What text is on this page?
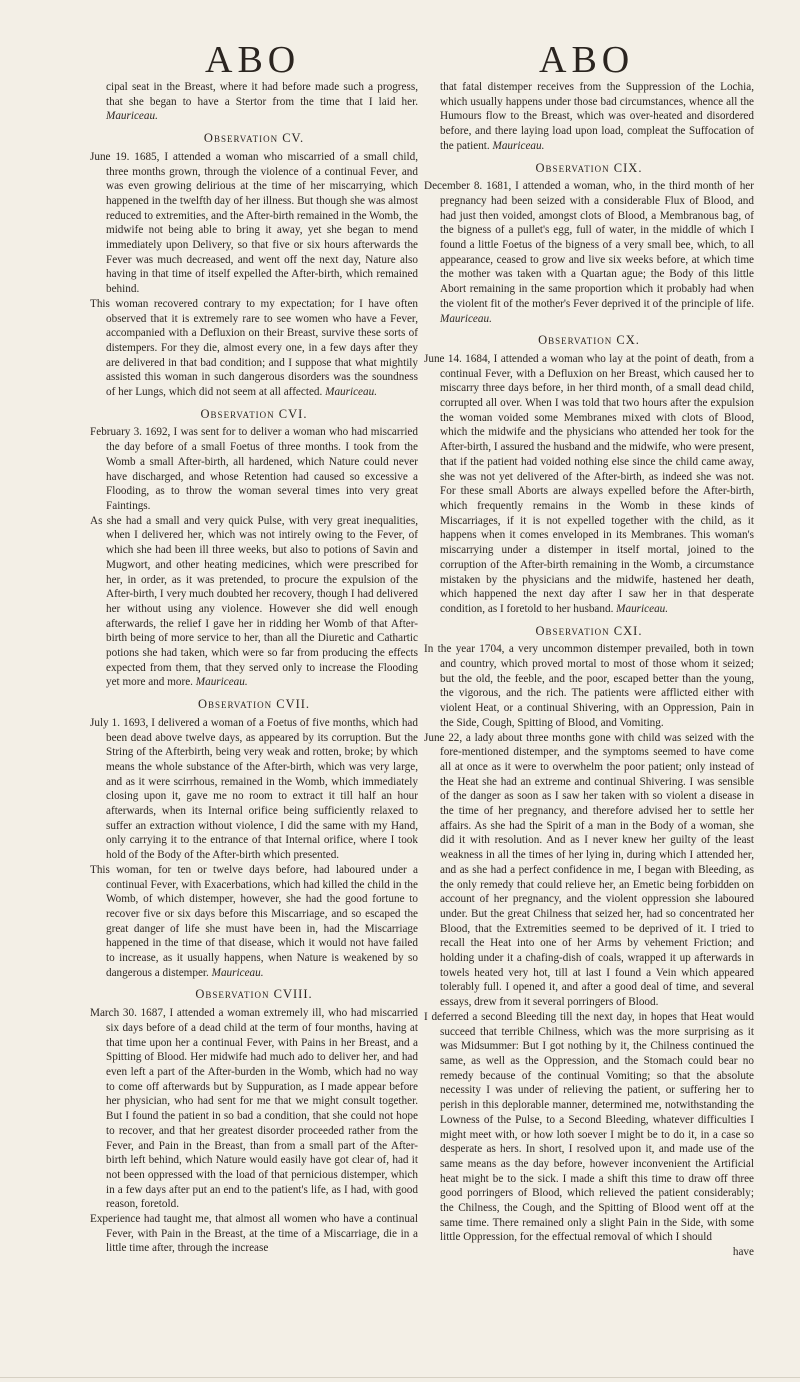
ABO	ABO

cipal seat in the Breast, where it had before made such a progress, that she began to have a Stertor from the time that I laid her. Mauriceau.

Observation CV.

June 19. 1685, I attended a woman who miscarried of a small child, three months grown, through the violence of a continual Fever, and was even growing delirious at the time of her miscarrying, which happened in the twelfth day of her illness. But though she was almost reduced to extremities, and the After-birth remained in the Womb, the midwife not being able to bring it away, yet she began to mend immediately upon Delivery, so that five or six hours afterwards the Fever was much decreased, and went off the next day, Nature also having in that time of itself expelled the After-birth, which remained behind.

This woman recovered contrary to my expectation; for I have often observed that it is extremely rare to see women who have a Fever, accompanied with a Defluxion on their Breast, survive these sorts of distempers. For they die, almost every one, in a few days after they are delivered in that bad condition; and I suppose that what mightily assisted this woman in such dangerous disorders was the soundness of her Lungs, which did not seem at all affected. Mauriceau.

Observation CVI.

February 3. 1692, I was sent for to deliver a woman who had miscarried the day before of a small Foetus of three months. I took from the Womb a small After-birth, all hardened, which Nature could never have discharged, and whose Retention had caused so excessive a Flooding, as to throw the woman several times into very great Faintings.

As she had a small and very quick Pulse, with very great inequalities, when I delivered her, which was not intirely owing to the Fever, of which she had been ill three weeks, but also to potions of Savin and Mugwort, and other heating medicines, which were prescribed for her, in order, as it was pretended, to procure the expulsion of the After-birth, I very much doubted her recovery, though I had delivered her without using any violence. However she did well enough afterwards, the relief I gave her in ridding her Womb of that After-birth being of more service to her, than all the Diuretic and Cathartic potions she had taken, which were so far from producing the effects expected from them, that they served only to increase the Flooding yet more and more. Mauriceau.

Observation CVII.

July 1. 1693, I delivered a woman of a Foetus of five months, which had been dead above twelve days, as appeared by its corruption. But the String of the Afterbirth, being very weak and rotten, broke; by which means the whole substance of the After-birth, which was very large, and as it were scirrhous, remained in the Womb, which immediately closing upon it, gave me no room to extract it till half an hour afterwards, when its Internal orifice being sufficiently relaxed to suffer an extraction without violence, I did the same with my Hand, only carrying it to the entrance of that Internal orifice, where I took hold of the Body of the After-birth which presented.

This woman, for ten or twelve days before, had laboured under a continual Fever, with Exacerbations, which had killed the child in the Womb, of which distemper, however, she had the good fortune to recover five or six days before this Miscarriage, and so escaped the great danger of life she must have been in, had the Miscarriage happened in the time of that disease, which it would not have failed to increase, as it usually happens, when Nature is weakened by so dangerous a distemper. Mauriceau.

Observation CVIII.

March 30. 1687, I attended a woman extremely ill, who had miscarried six days before of a dead child at the term of four months, having at that time upon her a continual Fever, with Pains in her Breast, and a Spitting of Blood. Her midwife had much ado to deliver her, and had even left a part of the After-burden in the Womb, which had no way to come off afterwards but by Suppuration, as I made appear before her physician, who had sent for me that we might consult together. But I found the patient in so bad a condition, that she could not hope to recover, and that her greatest disorder proceeded rather from the Fever, and Pain in the Breast, than from a small part of the After-birth left behind, which Nature would easily have got clear of, had it not been oppressed with the load of that pernicious distemper, which in a few days after put an end to the patient's life, as I had, with good reason, foretold.

Experience had taught me, that almost all women who have a continual Fever, with Pain in the Breast, at the time of a Miscarriage, die in a little time after, through the increase

that fatal distemper receives from the Suppression of the Lochia, which usually happens under those bad circumstances, whence all the Humours flow to the Breast, which was over-heated and disordered before, and there laying load upon load, compleat the Suffocation of the patient. Mauriceau.

Observation CIX.

December 8. 1681, I attended a woman, who, in the third month of her pregnancy had been seized with a considerable Flux of Blood, and had just then voided, amongst clots of Blood, a Membranous bag, of the bigness of a pullet's egg, full of water, in the middle of which I found a little Foetus of the bigness of a very small bee, which, to all appearance, ceased to grow and live six weeks before, at which time the mother was taken with a Quartan ague; the Body of this little Abort remaining in the same proportion which it probably had when the violent fit of the mother's Fever deprived it of the principle of life. Mauriceau.

Observation CX.

June 14. 1684, I attended a woman who lay at the point of death, from a continual Fever, with a Defluxion on her Breast, which caused her to miscarry three days before, in her third month, of a small dead child, corrupted all over. When I was told that two hours after the expulsion the woman voided some Membranes mixed with clots of Blood, which the midwife and the physicians who attended her took for the After-birth, I assured the husband and the midwife, who were present, that if the patient had voided nothing else since the child came away, she was not yet delivered of the After-birth, as indeed she was not. For these small Aborts are always expelled before the After-birth, which frequently remains in the Womb in these kinds of Miscarriages, if it is not expelled together with the child, as it happens when it comes enveloped in its Membranes. This woman's miscarrying under a distemper in itself mortal, joined to the corruption of the After-birth remaining in the Womb, a circumstance mistaken by the physicians and the midwife, hastened her death, which happened the next day after I saw her in that desperate condition, as I foretold to her husband. Mauriceau.

Observation CXI.

In the year 1704, a very uncommon distemper prevailed, both in town and country, which proved mortal to most of those whom it seized; but the old, the feeble, and the poor, escaped better than the young, the vigorous, and the rich. The patients were afflicted either with violent Heat, or a continual Shivering, with an Oppression, Pain in the Side, Cough, Spitting of Blood, and Vomiting.

June 22, a lady about three months gone with child was seized with the fore-mentioned distemper, and the symptoms seemed to have come all at once as it were to overwhelm the poor patient; only instead of the Heat she had an extreme and continual Shivering. I was sensible of the danger as soon as I saw her taken with so violent a disease in the time of her pregnancy, and therefore advised her to settle her affairs. As she had the Spirit of a man in the Body of a woman, she did it with resolution. And as I never knew her guilty of the least weakness in all the times of her lying in, during which I attended her, and as she had a perfect confidence in me, I began with Bleeding, as the only remedy that could relieve her, an Emetic being forbidden on account of her pregnancy, and the violent oppression she laboured under. But the great Chilness that seized her, had so concentrated her Blood, that the Extremities seemed to be deprived of it. I tried to recall the Heat into one of her Arms by vehement Friction; and holding under it a chafing-dish of coals, wrapped it up afterwards in towels heated very hot, till at last I found a Vein which appeared tolerably full. I opened it, and after a good deal of time, and several essays, drew from it several porringers of Blood.

I deferred a second Bleeding till the next day, in hopes that Heat would succeed that terrible Chilness, which was the more surprising as it was Midsummer: But I got nothing by it, the Chilness continued the same, as well as the Oppression, and the Stomach could bear no remedy because of the continual Vomiting; so that the absolute necessity I was under of relieving the patient, or suffering her to perish in this deplorable manner, determined me, notwithstanding the Lowness of the Pulse, to a Second Bleeding, whatever difficulties I might meet with, or how loth soever I might be to do it, in a case so desperate as hers. In short, I resolved upon it, and made use of the same means as the day before, however inconvenient the Artificial heat might be to the sick. I made a shift this time to draw off three good porringers of Blood, which relieved the patient considerably; the Chilness, the Cough, and the Spitting of Blood went off at the same time. There remained only a slight Pain in the Side, with some little Oppression, for the effectual removal of which I should

have
